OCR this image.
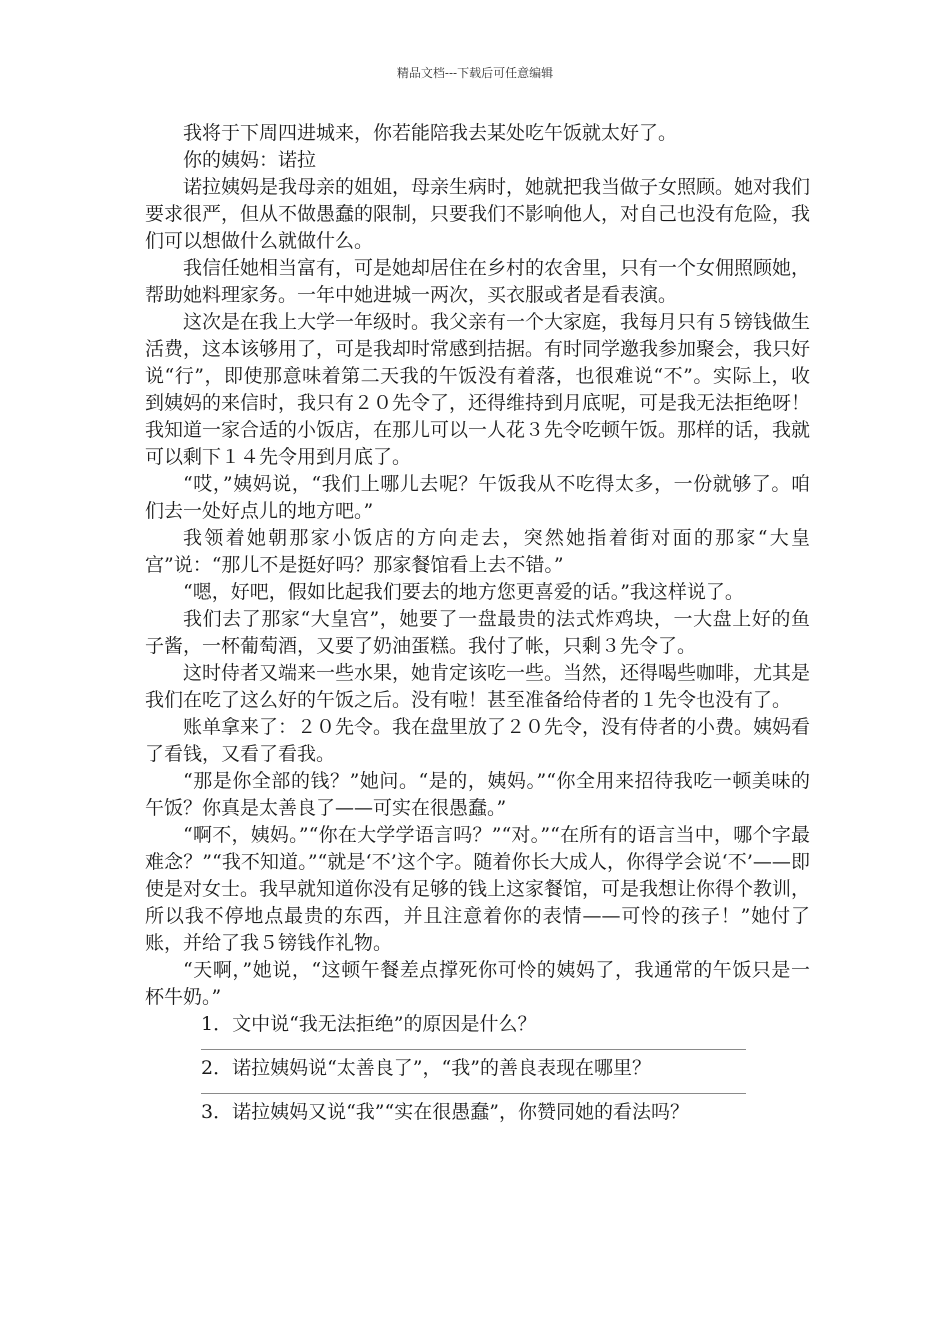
精品文档---下载后可任意编辑

我将于下周四进城来，你若能陪我去某处吃午饭就太好了。

你的姨妈：诺拉

诺拉姨妈是我母亲的姐姐，母亲生病时，她就把我当做子女照顾。她对我们要求很严，但从不做愚蠢的限制，只要我们不影响他人，对自己也没有危险，我们可以想做什么就做什么。

我信任她相当富有，可是她却居住在乡村的农舍里，只有一个女佣照顾她，帮助她料理家务。一年中她进城一两次，买衣服或者是看表演。

这次是在我上大学一年级时。我父亲有一个大家庭，我每月只有５镑钱做生活费，这本该够用了，可是我却时常感到拮据。有时同学邀我参加聚会，我只好说“行”，即使那意味着第二天我的午饭没有着落，也很难说“不”。实际上，收到姨妈的来信时，我只有２０先令了，还得维持到月底呢，可是我无法拒绝呀！我知道一家合适的小饭店，在那儿可以一人花３先令吃顿午饭。那样的话，我就可以剩下１４先令用到月底了。

“哎，”姨妈说，“我们上哪儿去呢？午饭我从不吃得太多，一份就够了。咱们去一处好点儿的地方吧。”

我领着她朝那家小饭店的方向走去，突然她指着街对面的那家“大皇宫”说：“那儿不是挺好吗？那家餐馆看上去不错。”

“嗯，好吧，假如比起我们要去的地方您更喜爱的话。”我这样说了。

我们去了那家“大皇宫”，她要了一盘最贵的法式炸鸡块，一大盘上好的鱼子酱，一杯葡萄酒，又要了奶油蛋糕。我付了帐，只剩３先令了。

这时侍者又端来一些水果，她肯定该吃一些。当然，还得喝些咖啡，尤其是我们在吃了这么好的午饭之后。没有啦！甚至准备给侍者的１先令也没有了。

账单拿来了：２０先令。我在盘里放了２０先令，没有侍者的小费。姨妈看了看钱，又看了看我。

“那是你全部的钱？”她问。“是的，姨妈。”“你全用来招待我吃一顿美味的午饭？你真是太善良了——可实在很愚蠢。”

“啊不，姨妈。”“你在大学学语言吗？”“对。”“在所有的语言当中，哪个字最难念？”“我不知道。”“就是‘不’这个字。随着你长大成人，你得学会说‘不’——即使是对女士。我早就知道你没有足够的钱上这家餐馆，可是我想让你得个教训，所以我不停地点最贵的东西，并且注意着你的表情——可怜的孩子！”她付了账，并给了我５镑钱作礼物。

“天啊，”她说，“这顿午餐差点撑死你可怜的姨妈了，我通常的午饭只是一杯牛奶。”

1．文中说“我无法拒绝”的原因是什么？

2．诺拉姨妈说“太善良了”，“我”的善良表现在哪里？

3．诺拉姨妈又说“我”“实在很愚蠢”，你赞同她的看法吗？
